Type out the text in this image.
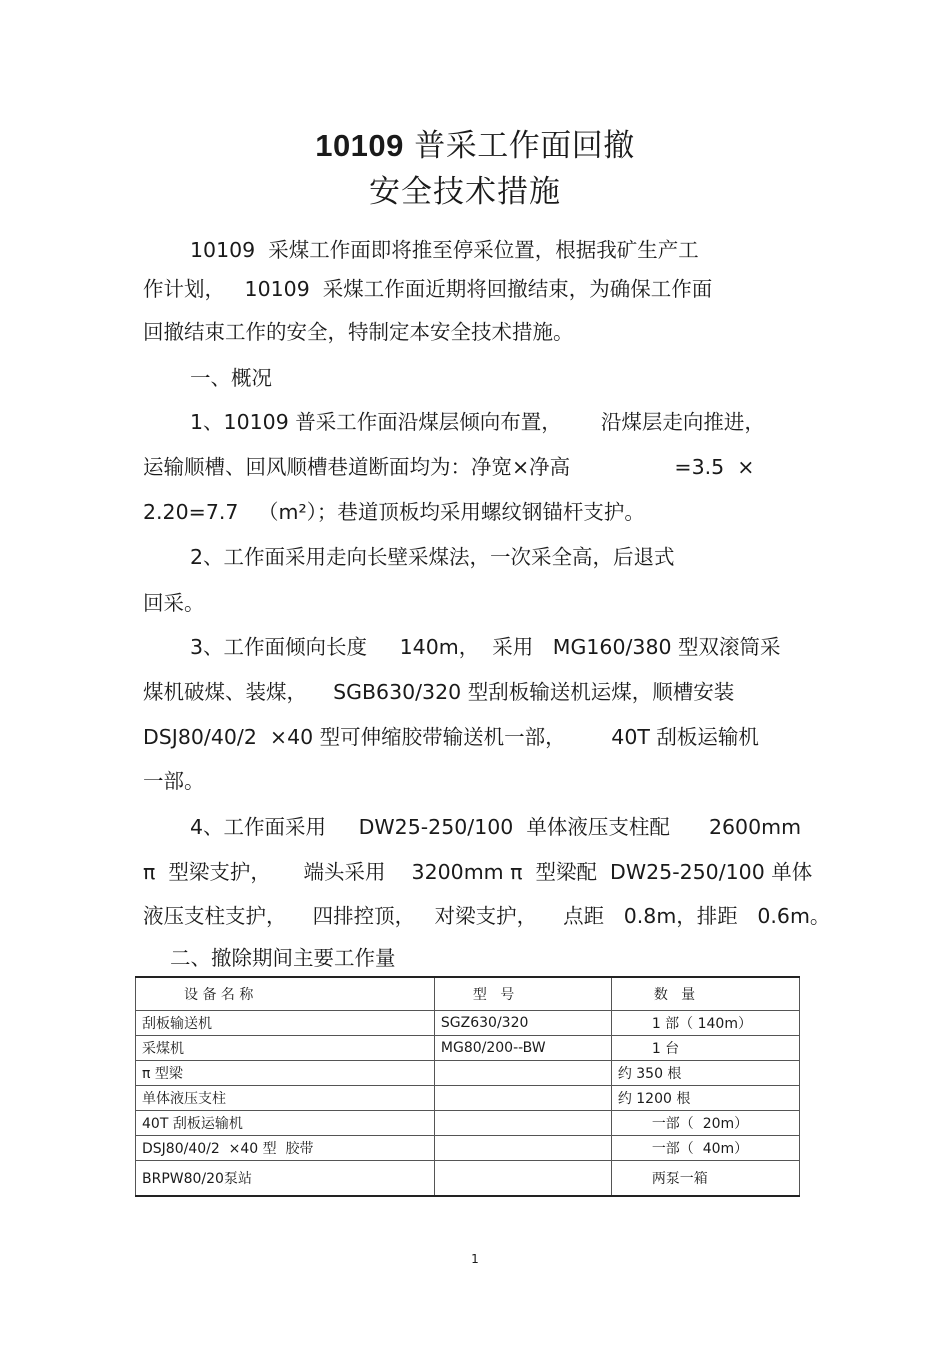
10109 普采工作面回撤
安全技术措施
10109  采煤工作面即将推至停采位置，根据我矿生产工
作计划，   10109  采煤工作面近期将回撤结束，为确保工作面
回撤结束工作的安全，特制定本安全技术措施。
一、概况
1、10109 普采工作面沿煤层倾向布置，      沿煤层走向推进，
运输顺槽、回风顺槽巷道断面均为：净宽×净高                =3.5  ×
2.20=7.7   （m²）；巷道顶板均采用螺纹钢锚杆支护。
2、工作面采用走向长壁采煤法，一次采全高，后退式
回采。
3、工作面倾向长度     140m，  采用   MG160/380 型双滚筒采
煤机破煤、装煤，    SGB630/320 型刮板输送机运煤，顺槽安装
DSJ80/40/2  ×40 型可伸缩胶带输送机一部，       40T 刮板运输机
一部。
4、工作面采用     DW25-250/100  单体液压支柱配      2600mm
π  型梁支护，     端头采用    3200mm π  型梁配  DW25-250/100 单体
液压支柱支护，    四排控顶，   对梁支护，    点距   0.8m，排距   0.6m。
二、撤除期间主要工作量
设 备 名 称	型   号	数   量
刮板输送机	SGZ630/320	1 部（ 140m）
采煤机	MG80/200--BW	1 台
π 型梁		约 350 根
单体液压支柱		约 1200 根
40T 刮板运输机		一部（  20m）
DSJ80/40/2  ×40 型  胶带		一部（  40m）
BRPW80/20泵站		两泵一箱
1
